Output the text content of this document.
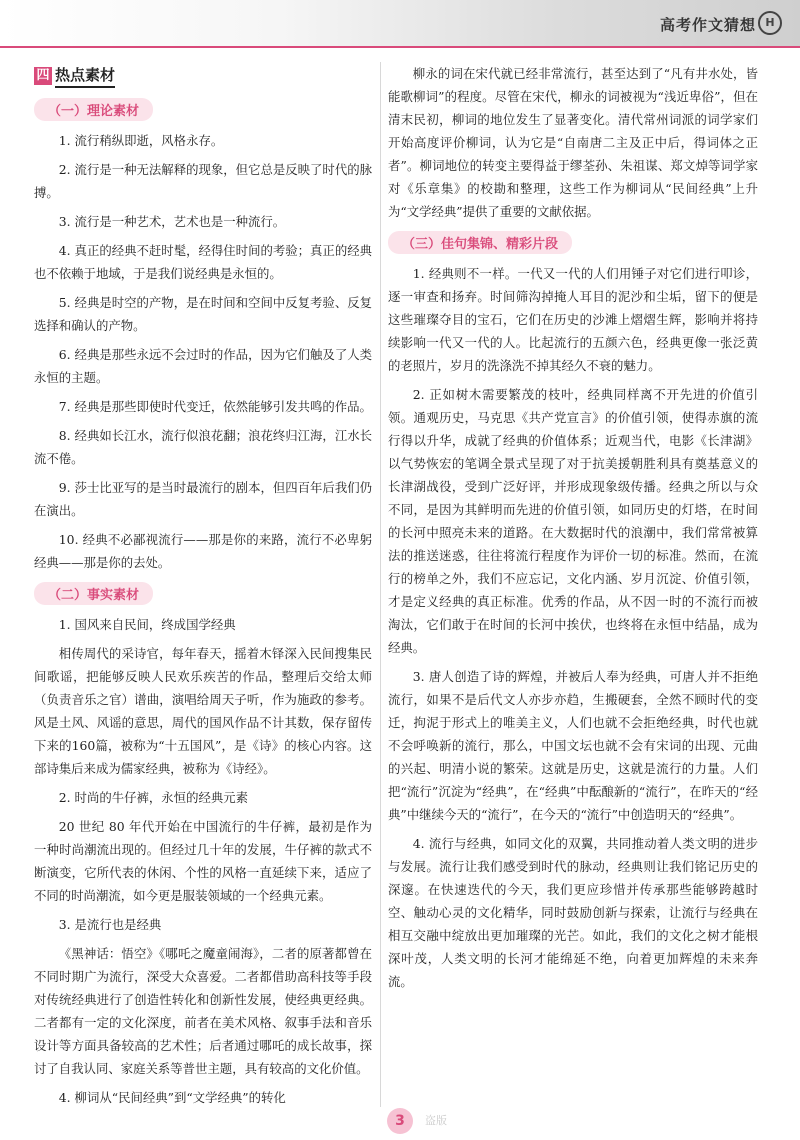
高考作文猜想 H
四 热点素材
（一）理论素材

1. 流行稍纵即逝，风格永存。

2. 流行是一种无法解释的现象，但它总是反映了时代的脉搏。

3. 流行是一种艺术，艺术也是一种流行。

4. 真正的经典不赶时髦，经得住时间的考验；真正的经典也不依赖于地域，于是我们说经典是永恒的。

5. 经典是时空的产物，是在时间和空间中反复考验、反复选择和确认的产物。

6. 经典是那些永远不会过时的作品，因为它们触及了人类永恒的主题。

7. 经典是那些即使时代变迁，依然能够引发共鸣的作品。

8. 经典如长江水，流行似浪花翻；浪花终归江海，江水长流不倦。

9. 莎士比亚写的是当时最流行的剧本，但四百年后我们仍在演出。

10. 经典不必鄙视流行——那是你的来路，流行不必卑躬经典——那是你的去处。

（二）事实素材

1. 国风来自民间，终成国学经典

相传周代的采诗官，每年春天，摇着木铎深入民间搜集民间歌谣，把能够反映人民欢乐疾苦的作品，整理后交给太师（负责音乐之官）谱曲，演唱给周天子听，作为施政的参考。风是土风、风谣的意思，周代的国风作品不计其数，保存留传下来的160篇，被称为“十五国风”，是《诗》的核心内容。这部诗集后来成为儒家经典，被称为《诗经》。

2. 时尚的牛仔裤，永恒的经典元素

20 世纪 80 年代开始在中国流行的牛仔裤，最初是作为一种时尚潮流出现的。但经过几十年的发展，牛仔裤的款式不断演变，它所代表的休闲、个性的风格一直延续下来，适应了不同的时尚潮流，如今更是服装领域的一个经典元素。

3. 是流行也是经典

《黑神话：悟空》《哪吒之魔童闹海》，二者的原著都曾在不同时期广为流行，深受大众喜爱。二者都借助高科技等手段对传统经典进行了创造性转化和创新性发展，使经典更经典。二者都有一定的文化深度，前者在美术风格、叙事手法和音乐设计等方面具备较高的艺术性；后者通过哪吒的成长故事，探讨了自我认同、家庭关系等普世主题，具有较高的文化价值。

4. 柳词从“民间经典”到“文学经典”的转化

柳永的词在宋代就已经非常流行，甚至达到了“凡有井水处，皆能歌柳词”的程度。尽管在宋代，柳永的词被视为“浅近卑俗”，但在清末民初，柳词的地位发生了显著变化。清代常州词派的词学家们开始高度评价柳词，认为它是“自南唐二主及正中后，得词体之正者”。柳词地位的转变主要得益于缪荃孙、朱祖谋、郑文焯等词学家对《乐章集》的校勘和整理，这些工作为柳词从“民间经典”上升为“文学经典”提供了重要的文献依据。

（三）佳句集锦、精彩片段

1. 经典则不一样。一代又一代的人们用锤子对它们进行叩诊，逐一审查和扬弃。时间筛沟掉掩人耳目的泥沙和尘垢，留下的便是这些璀璨夺目的宝石，它们在历史的沙滩上熠熠生辉，影响并将持续影响一代又一代的人。比起流行的五颜六色，经典更像一张泛黄的老照片，岁月的洗涤洗不掉其经久不衰的魅力。

2. 正如树木需要繁茂的枝叶，经典同样离不开先进的价值引领。通观历史，马克思《共产党宣言》的价值引领，使得赤旗的流行得以升华，成就了经典的价值体系；近观当代，电影《长津湖》以气势恢宏的笔调全景式呈现了对于抗美援朝胜利具有奠基意义的长津湖战役，受到广泛好评，并形成现象级传播。经典之所以与众不同，是因为其鲜明而先进的价值引领，如同历史的灯塔，在时间的长河中照亮未来的道路。在大数据时代的浪潮中，我们常常被算法的推送迷惑，往往将流行程度作为评价一切的标准。然而，在流行的榜单之外，我们不应忘记，文化内涵、岁月沉淀、价值引领，才是定义经典的真正标准。优秀的作品，从不因一时的不流行而被淘汰，它们敢于在时间的长河中挨伏，也终将在永恒中结晶，成为经典。

3. 唐人创造了诗的辉煌，并被后人奉为经典，可唐人并不拒绝流行，如果不是后代文人亦步亦趋，生搬硬套，全然不顾时代的变迁，拘泥于形式上的唯美主义，人们也就不会拒绝经典，时代也就不会呼唤新的流行，那么，中国文坛也就不会有宋词的出现、元曲的兴起、明清小说的繁荣。这就是历史，这就是流行的力量。人们把“流行”沉淀为“经典”，在“经典”中酝酿新的“流行”，在昨天的“经典”中继续今天的“流行”，在今天的“流行”中创造明天的“经典”。

4. 流行与经典，如同文化的双翼，共同推动着人类文明的进步与发展。流行让我们感受到时代的脉动，经典则让我们铭记历史的深邃。在快速迭代的今天，我们更应珍惜并传承那些能够跨越时空、触动心灵的文化精华，同时鼓励创新与探索，让流行与经典在相互交融中绽放出更加璀璨的光芒。如此，我们的文化之树才能根深叶茂，人类文明的长河才能绵延不绝，向着更加辉煌的未来奔流。

3	盗版
